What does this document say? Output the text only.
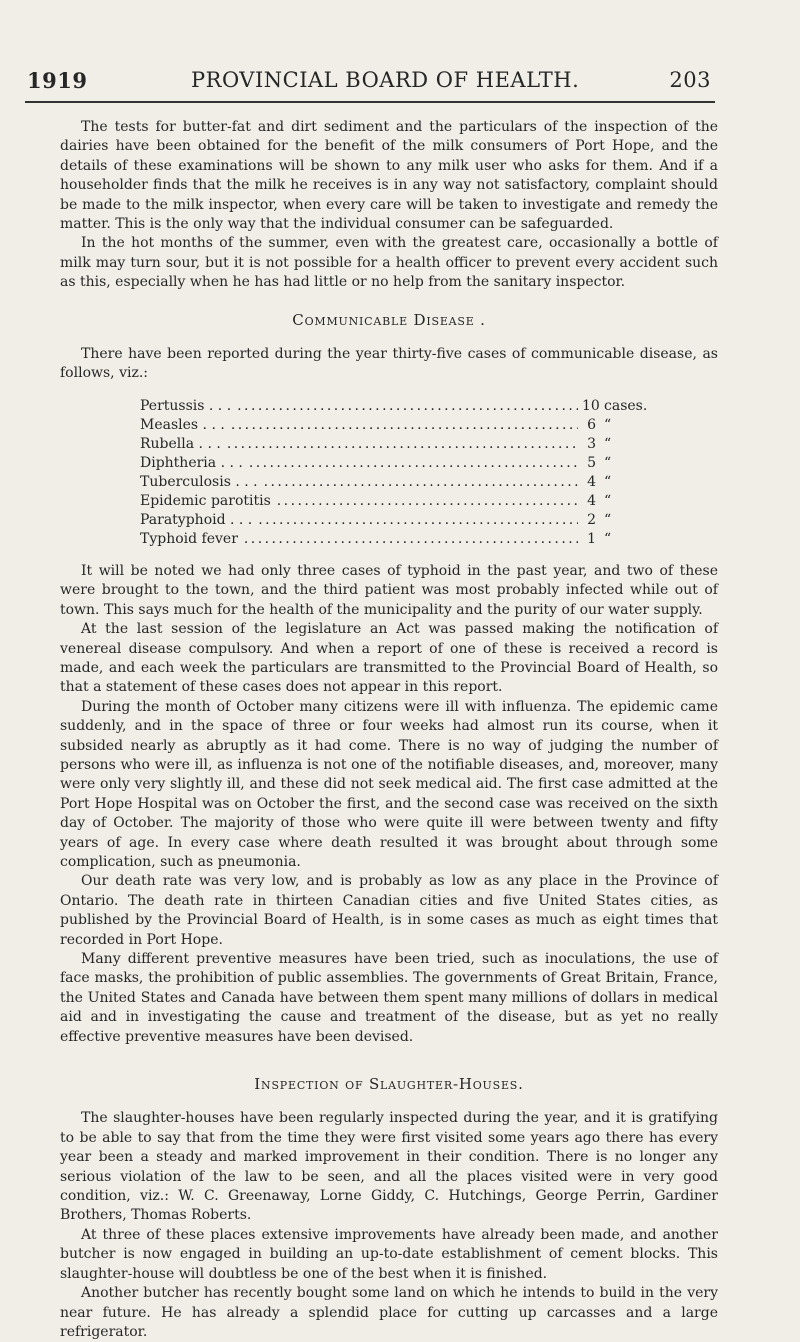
1919	PROVINCIAL BOARD OF HEALTH.	203

The tests for butter-fat and dirt sediment and the particulars of the inspection of the dairies have been obtained for the benefit of the milk consumers of Port Hope, and the details of these examinations will be shown to any milk user who asks for them. And if a householder finds that the milk he receives is in any way not satisfactory, complaint should be made to the milk inspector, when every care will be taken to investigate and remedy the matter. This is the only way that the individual consumer can be safeguarded.

In the hot months of the summer, even with the greatest care, occasionally a bottle of milk may turn sour, but it is not possible for a health officer to prevent every accident such as this, especially when he has had little or no help from the sanitary inspector.

Communicable Disease .

There have been reported during the year thirty-five cases of communicable disease, as follows, viz.:

Pertussis . . . . . .	10 cases.
Measles . . . . . .	6 “
Rubella . . . . . .	3 “
Diphtheria . . . . . .	5 “
Tuberculosis . . . . . .	4 “
Epidemic parotitis . . .	4 “
Paratyphoid . . . . . .	2 “
Typhoid fever . . .	1 “

It will be noted we had only three cases of typhoid in the past year, and two of these were brought to the town, and the third patient was most probably infected while out of town. This says much for the health of the municipality and the purity of our water supply.

At the last session of the legislature an Act was passed making the notification of venereal disease compulsory. And when a report of one of these is received a record is made, and each week the particulars are transmitted to the Provincial Board of Health, so that a statement of these cases does not appear in this report.

During the month of October many citizens were ill with influenza. The epidemic came suddenly, and in the space of three or four weeks had almost run its course, when it subsided nearly as abruptly as it had come. There is no way of judging the number of persons who were ill, as influenza is not one of the notifiable diseases, and, moreover, many were only very slightly ill, and these did not seek medical aid. The first case admitted at the Port Hope Hospital was on October the first, and the second case was received on the sixth day of October. The majority of those who were quite ill were between twenty and fifty years of age. In every case where death resulted it was brought about through some complication, such as pneumonia.

Our death rate was very low, and is probably as low as any place in the Province of Ontario. The death rate in thirteen Canadian cities and five United States cities, as published by the Provincial Board of Health, is in some cases as much as eight times that recorded in Port Hope.

Many different preventive measures have been tried, such as inoculations, the use of face masks, the prohibition of public assemblies. The governments of Great Britain, France, the United States and Canada have between them spent many millions of dollars in medical aid and in investigating the cause and treatment of the disease, but as yet no really effective preventive measures have been devised.

Inspection of Slaughter-Houses.

The slaughter-houses have been regularly inspected during the year, and it is gratifying to be able to say that from the time they were first visited some years ago there has every year been a steady and marked improvement in their condition. There is no longer any serious violation of the law to be seen, and all the places visited were in very good condition, viz.: W. C. Greenaway, Lorne Giddy, C. Hutchings, George Perrin, Gardiner Brothers, Thomas Roberts.

At three of these places extensive improvements have already been made, and another butcher is now engaged in building an up-to-date establishment of cement blocks. This slaughter-house will doubtless be one of the best when it is finished.

Another butcher has recently bought some land on which he intends to build in the very near future. He has already a splendid place for cutting up carcasses and a large refrigerator.
